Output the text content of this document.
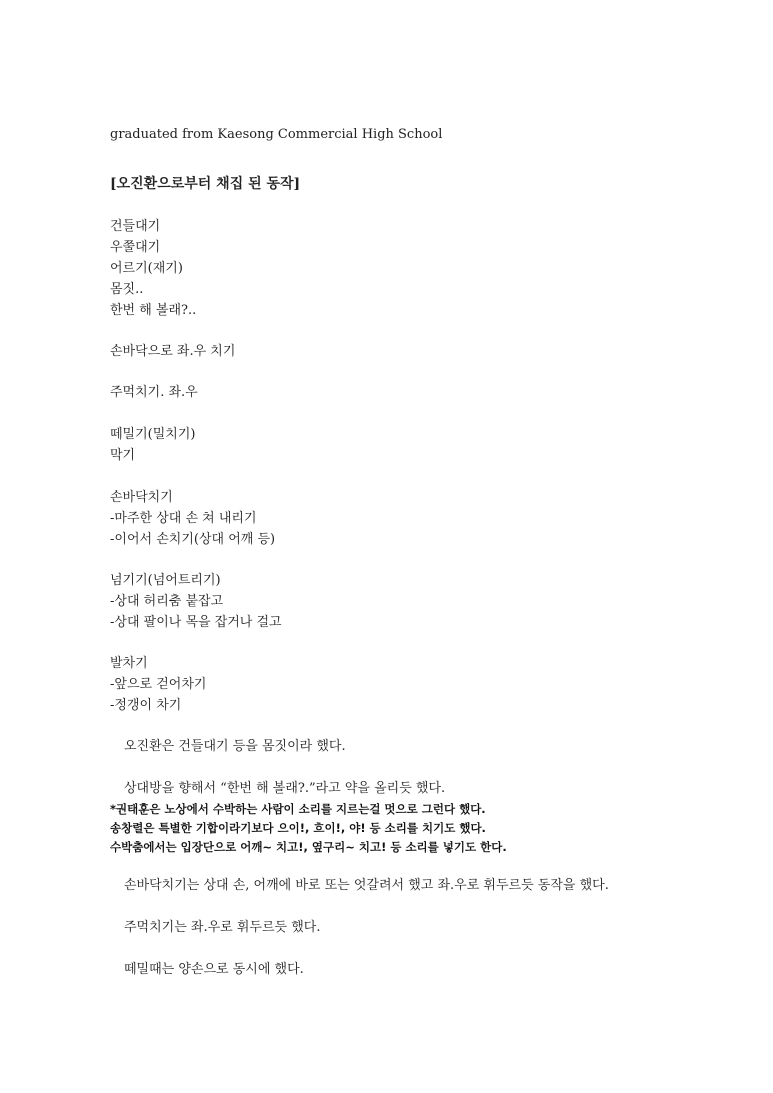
graduated from Kaesong Commercial High School
[오진환으로부터 채집 된 동작]
건들대기
우쭐대기
어르기(재기)
몸짓..
한번 해 볼래?..
손바닥으로 좌.우 치기
주먹치기. 좌.우
떼밀기(밀치기)
막기
손바닥치기
-마주한 상대 손 쳐 내리기
-이어서 손치기(상대 어깨 등)
넘기기(넘어트리기)
-상대 허리춤 붙잡고
-상대 팔이나 목을 잡거나 걸고
발차기
-앞으로 걷어차기
-정갱이 차기
오진환은 건들대기 등을 몸짓이라 했다.
상대방을 향해서 “한번 해 볼래?.”라고 약을 올리듯 했다.
*권태훈은 노상에서 수박하는 사람이 소리를 지르는걸 멋으로 그런다 했다.
송창렬은 특별한 기합이라기보다 으이!, 흐이!, 야! 등 소리를 치기도 했다.
수박춤에서는 입장단으로 어깨~ 치고!, 옆구리~ 치고! 등 소리를 넣기도 한다.
손바닥치기는 상대 손, 어깨에 바로 또는 엇갈려서 했고 좌.우로 휘두르듯 동작을 했다.
주먹치기는 좌.우로 휘두르듯 했다.
떼밀때는 양손으로 동시에 했다.
